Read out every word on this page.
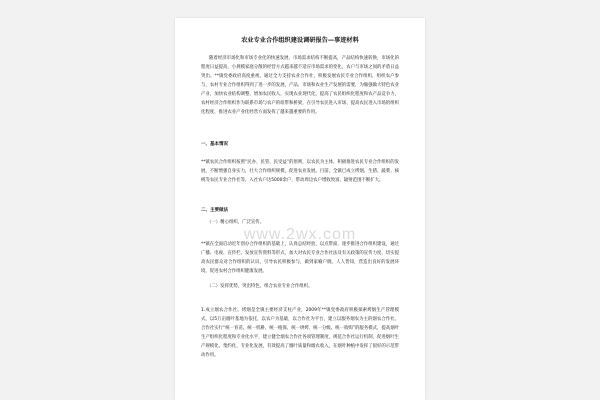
农业专业合作组织建设调研报告—事迹材料

随着经济市场化和市场专业化的快速发展，市场需求结构不断提高，产品结构快速转换，市场化的程度日益提高，小规模家庭分散的经营方式越来越不适应市场需求的变化，农户与市场之间的矛盾日益突出。**镇党委政府高度重视，通过全力支持农业合作社，积极发展农民专业合作组织，组织农户参与，农村专业合作组织得到了进一步的发展，产品、市场和农业生产发展的需要，为做强做大特色农业产业、加快农业结构调整、增加农民收入，实现农业现代化，提高了农民组织化程度和农产品竞争力，农村经济合作组织作为联系市场与农户的纽带和桥梁，在引导农民进入市场、提高农民进入市场的组织化程度、推进农业产业化经营方面发挥了越来越重要的作用。

一、基本情况

**镇农民合作组织按照“民办、民管、民受益”的原则，以农民为主体，积极推进农民专业合作组织的发展，不断增强自身实力，壮大合作组织规模，促进农业发展。目前，全镇已成立烤烟、生猪、蔬菜、核桃等农民专业合作社等，入社农户达5000余户，带动周边农户增收致富，辐射范围不断扩大。

二、主要做法

（一）精心组织，广泛宣传。

www.2wx.com

**镇在全面启动近年创办合作组织的基础上，认真总结经验，以点带面，逐步推进合作组织建设，通过广播、电视、宣传栏、发放宣传资料等形式，加大对农民专业合作社法及有关政策的宣传力度，切实提高农民群众对合作组织的认识，引导农民积极参与，做到家喻户晓、人人皆知，营造出良好的发展环境，促进农村合作组织健康发展。

（二）发挥优势，突出特色，组合农业专业合作组织。

1.成立烟农合作社。烤烟是全镇主要经济支柱产业，2009年**镇党委政府积极探索烤烟生产管理模式，以5万亩烟叶基地为依托，以农户为基础，以合作社为平台，建立以服务烟农为主的烟农合作社。合作社实行“统一育苗、统一机耕、统一植保、统一烘烤、统一分级、统一收购”的服务模式，提高烟叶生产组织化程度和专业化水平，建立健全烟农合作社各项管理制度，规范合作社运行机制，促进烟叶生产规模化、集约化、专业化发展，有效提高了烟叶质量和烟农收入，在烟叶种植中发挥了很好的示范带动作用。
